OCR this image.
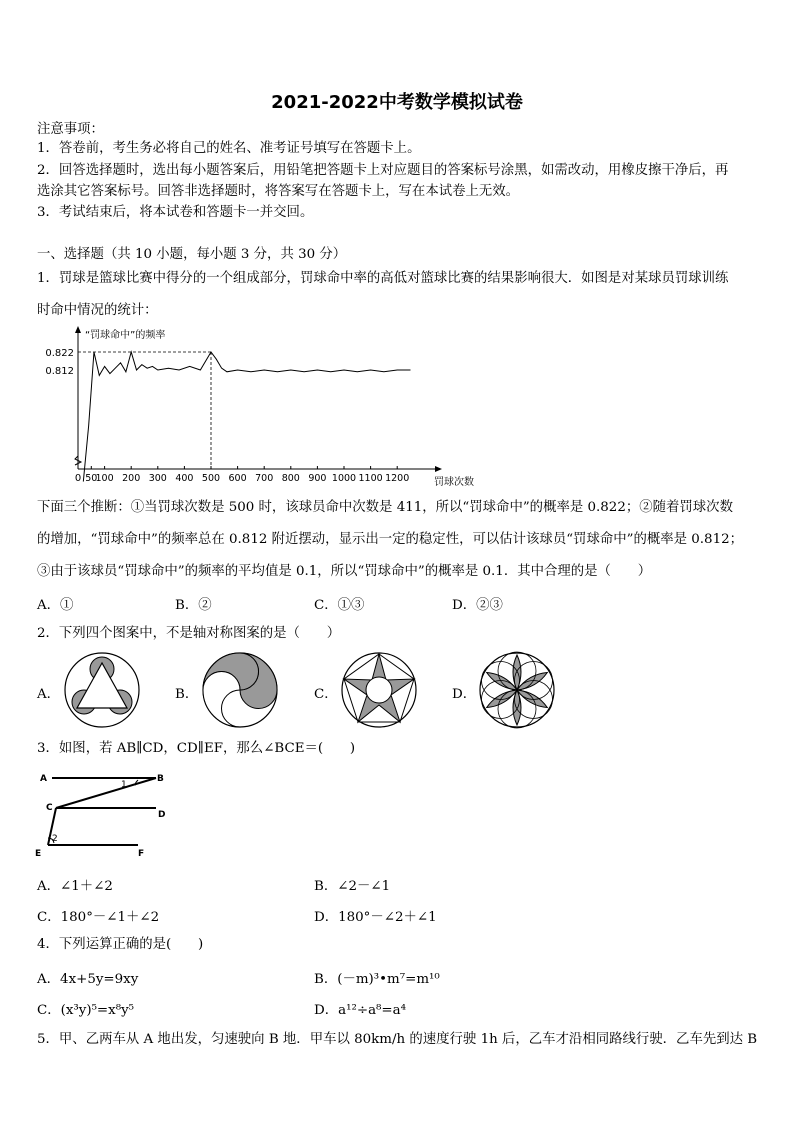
2021-2022中考数学模拟试卷
注意事项：
1．答卷前，考生务必将自己的姓名、准考证号填写在答题卡上。
2．回答选择题时，选出每小题答案后，用铅笔把答题卡上对应题目的答案标号涂黑，如需改动，用橡皮擦干净后，再
选涂其它答案标号。回答非选择题时，将答案写在答题卡上，写在本试卷上无效。
3．考试结束后，将本试卷和答题卡一并交回。
一、选择题（共 10 小题，每小题 3 分，共 30 分）
1．罚球是篮球比赛中得分的一个组成部分，罚球命中率的高低对篮球比赛的结果影响很大．如图是对某球员罚球训练
时命中情况的统计：
“罚球命中”的频率
罚球次数
0.822
0.812
0 50
100 200 300 400 500 600 700 800 900 1000 1100 1200
下面三个推断：①当罚球次数是 500 时，该球员命中次数是 411，所以“罚球命中”的概率是 0.822；②随着罚球次数
的增加，“罚球命中”的频率总在 0.812 附近摆动，显示出一定的稳定性，可以估计该球员“罚球命中”的概率是 0.812；
③由于该球员“罚球命中”的频率的平均值是 0.1，所以“罚球命中”的概率是 0.1．其中合理的是（　　）
A．①	B．②	C．①③	D．②③
2．下列四个图案中，不是轴对称图案的是（　　）
A．	B．	C．	D．
3．如图，若 AB∥CD，CD∥EF，那么∠BCE＝(　　)
A	B
C
D
E	F
1
2
A．∠1＋∠2	B．∠2－∠1
C．180°－∠1＋∠2	D．180°－∠2＋∠1
4．下列运算正确的是(　　)
A．4x+5y=9xy	B．(－m)³•m⁷=m¹⁰
C．(x³y)⁵=x⁸y⁵	D．a¹²÷a⁸=a⁴
5．甲、乙两车从 A 地出发，匀速驶向 B 地．甲车以 80km/h 的速度行驶 1h 后，乙车才沿相同路线行驶．乙车先到达 B
